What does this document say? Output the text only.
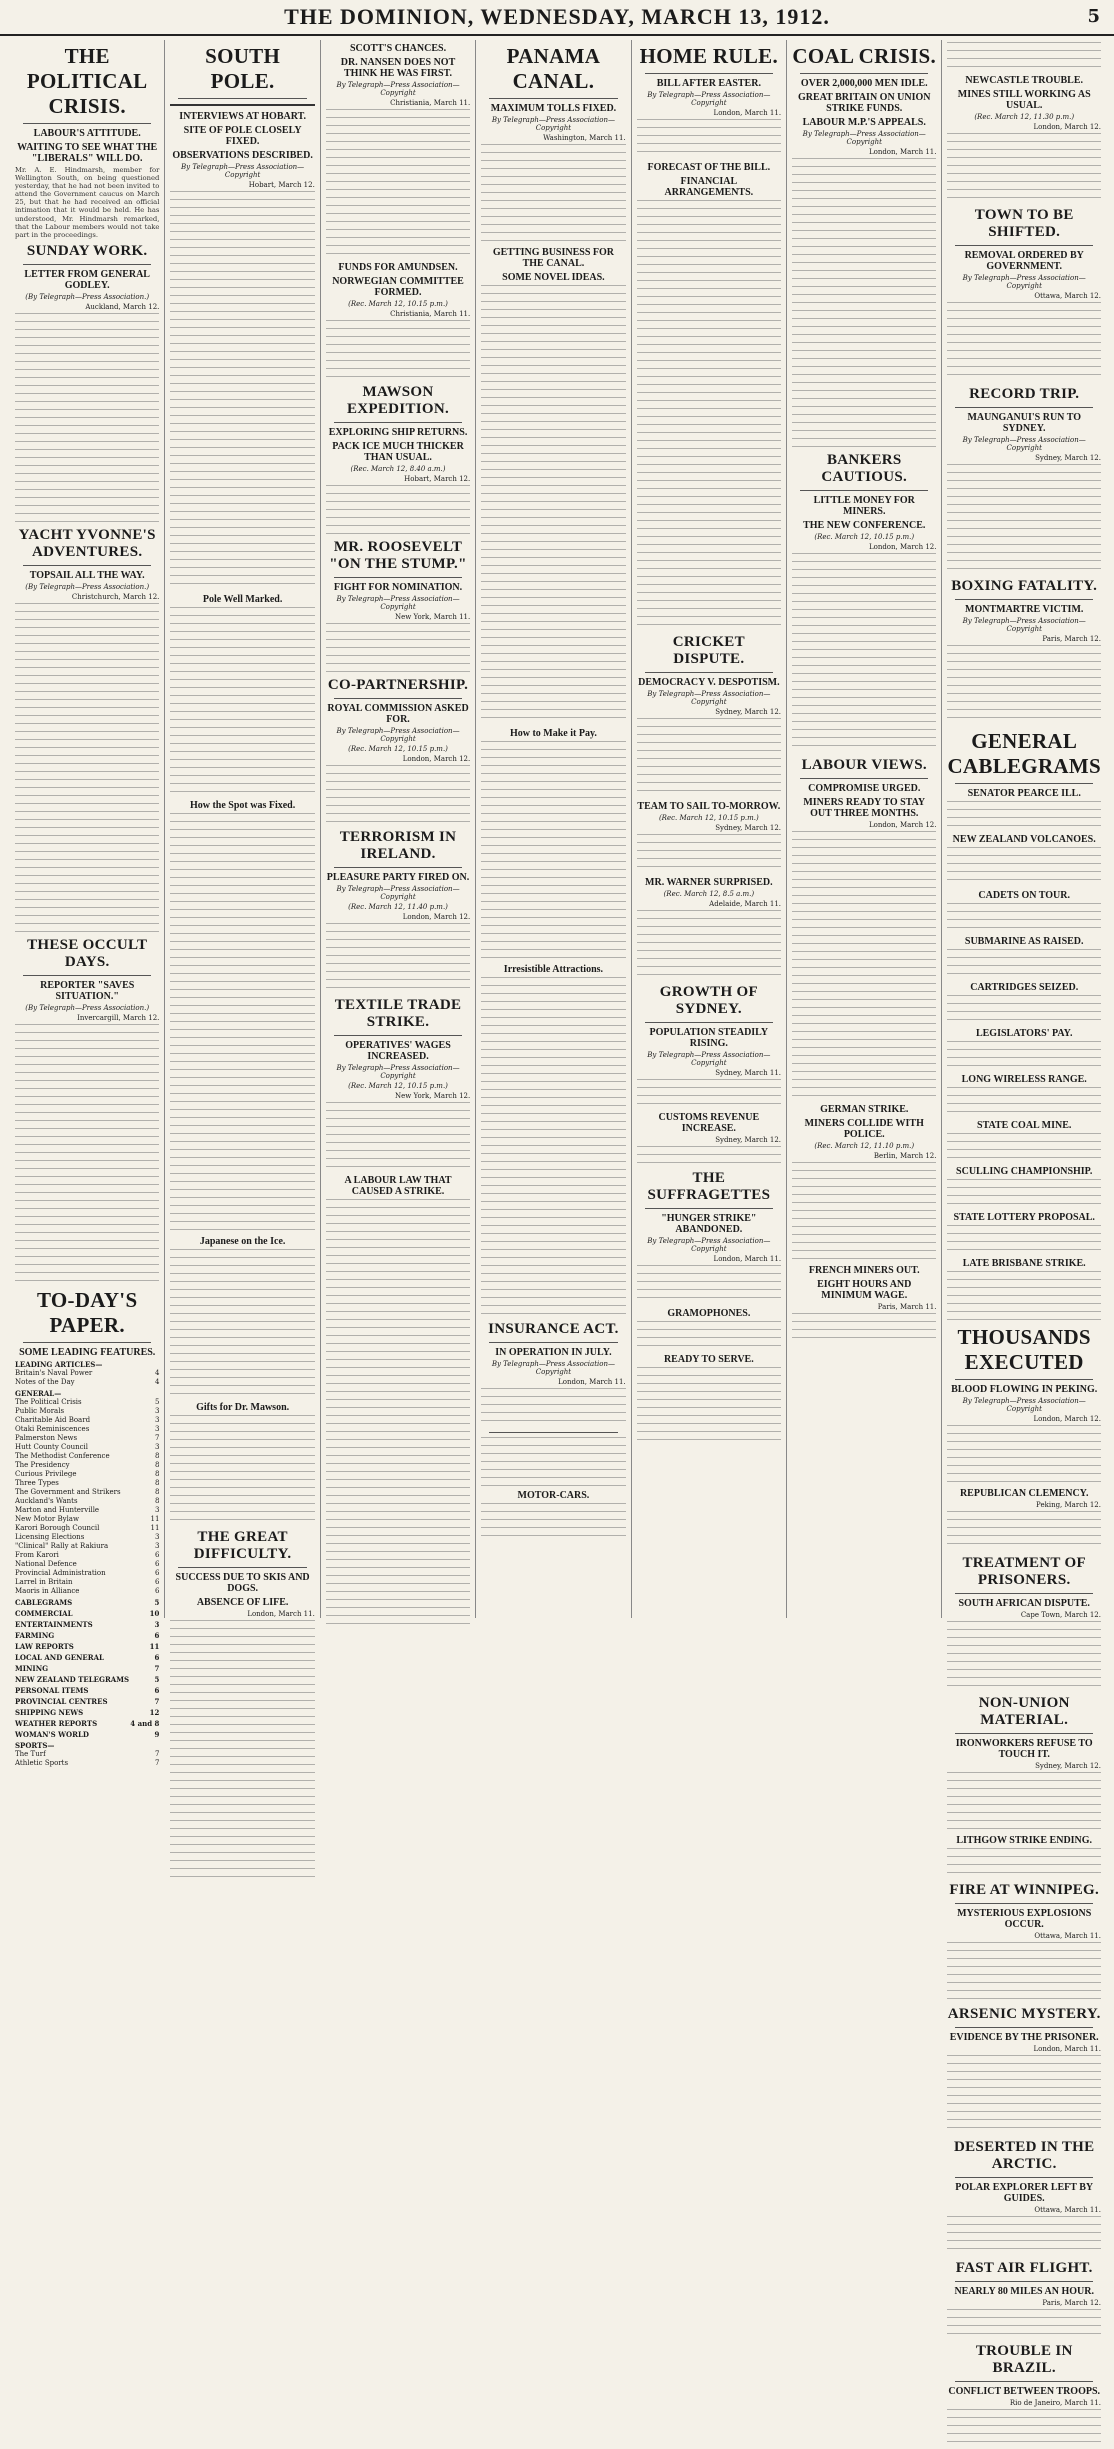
THE DOMINION, WEDNESDAY, MARCH 13, 1912.	5
THE POLITICAL CRISIS.
LABOUR'S ATTITUDE.
WAITING TO SEE WHAT THE "LIBERALS" WILL DO.

Mr. A. E. Hindmarsh, member for Wellington South, on being questioned yesterday, that he had not been invited to attend the Government caucus on March 25, but that he had received an official intimation that it would be held. He has understood, Mr. Hindmarsh remarked, that the Labour members would not take part in the proceedings.

SUNDAY WORK.
LETTER FROM GENERAL GODLEY.
(By Telegraph—Press Association.)
Auckland, March 12.
YACHT YVONNE'S ADVENTURES.
TOPSAIL ALL THE WAY.
(By Telegraph—Press Association.)
Christchurch, March 12.
THESE OCCULT DAYS.
REPORTER "SAVES SITUATION."
(By Telegraph—Press Association.)
Invercargill, March 12.
TO-DAY'S PAPER.
SOME LEADING FEATURES.
LEADING ARTICLES—
Britain's Naval Power	4
Notes of the Day	4
GENERAL—
The Political Crisis	5
Public Morals	3
Charitable Aid Board	3
Otaki Reminiscences	3
Palmerston News	7
Hutt County Council	3
The Methodist Conference	8
The Presidency	8
Curious Privilege	8
Three Types	8
The Government and Strikers	8
Auckland's Wants	8
Marton and Hunterville	3
New Motor Bylaw	11
Karori Borough Council	11
Licensing Elections	3
"Clinical" Rally at Rakiura	3
From Karori	6
National Defence	6
Provincial Administration	6
Larrel in Britain	6
Maoris in Alliance	6
CABLEGRAMS	5
COMMERCIAL	10
ENTERTAINMENTS	3
FARMING	6
LAW REPORTS	11
LOCAL AND GENERAL	6
MINING	7
NEW ZEALAND TELEGRAMS	5
PERSONAL ITEMS	6
PROVINCIAL CENTRES	7
SHIPPING NEWS	12
WEATHER REPORTS	4 and 8
WOMAN'S WORLD	9
SPORTS—
The Turf	7
Athletic Sports	7
SOUTH POLE.
INTERVIEWS AT HOBART.
SITE OF POLE CLOSELY FIXED.
OBSERVATIONS DESCRIBED.
By Telegraph—Press Association—Copyright
Hobart, March 12.
Pole Well Marked.
How the Spot was Fixed.
Japanese on the Ice.
Gifts for Dr. Mawson.
THE GREAT DIFFICULTY.
SUCCESS DUE TO SKIS AND DOGS.
ABSENCE OF LIFE.
London, March 11.
SCOTT'S CHANCES.
DR. NANSEN DOES NOT THINK HE WAS FIRST.
By Telegraph—Press Association—Copyright
Christiania, March 11.
FUNDS FOR AMUNDSEN.
NORWEGIAN COMMITTEE FORMED.
(Rec. March 12, 10.15 p.m.)
Christiania, March 11.
MAWSON EXPEDITION.
EXPLORING SHIP RETURNS.
PACK ICE MUCH THICKER THAN USUAL.
(Rec. March 12, 8.40 a.m.)
Hobart, March 12.
MR. ROOSEVELT "ON THE STUMP."
FIGHT FOR NOMINATION.
By Telegraph—Press Association—Copyright
New York, March 11.
CO-PARTNERSHIP.
ROYAL COMMISSION ASKED FOR.
By Telegraph—Press Association—Copyright
(Rec. March 12, 10.15 p.m.)
London, March 12.
TERRORISM IN IRELAND.
PLEASURE PARTY FIRED ON.
By Telegraph—Press Association—Copyright
(Rec. March 12, 11.40 p.m.)
London, March 12.
TEXTILE TRADE STRIKE.
OPERATIVES' WAGES INCREASED.
By Telegraph—Press Association—Copyright
(Rec. March 12, 10.15 p.m.)
New York, March 12.
A LABOUR LAW THAT CAUSED A STRIKE.
PANAMA CANAL.
MAXIMUM TOLLS FIXED.
By Telegraph—Press Association—Copyright
Washington, March 11.
GETTING BUSINESS FOR THE CANAL.
SOME NOVEL IDEAS.
How to Make it Pay.
Irresistible Attractions.
INSURANCE ACT.
IN OPERATION IN JULY.
By Telegraph—Press Association—Copyright
London, March 11.
MOTOR-CARS.
HOME RULE.
BILL AFTER EASTER.
By Telegraph—Press Association—Copyright
London, March 11.
FORECAST OF THE BILL.
FINANCIAL ARRANGEMENTS.
CRICKET DISPUTE.
DEMOCRACY V. DESPOTISM.
By Telegraph—Press Association—Copyright
Sydney, March 12.
TEAM TO SAIL TO-MORROW.
(Rec. March 12, 10.15 p.m.)
Sydney, March 12.
MR. WARNER SURPRISED.
(Rec. March 12, 8.5 a.m.)
Adelaide, March 11.
GROWTH OF SYDNEY.
POPULATION STEADILY RISING.
By Telegraph—Press Association—Copyright
Sydney, March 11.
CUSTOMS REVENUE INCREASE.
Sydney, March 12.
THE SUFFRAGETTES
"HUNGER STRIKE" ABANDONED.
By Telegraph—Press Association—Copyright
London, March 11.
GRAMOPHONES.
READY TO SERVE.
COAL CRISIS.
OVER 2,000,000 MEN IDLE.
GREAT BRITAIN ON UNION STRIKE FUNDS.
LABOUR M.P.'S APPEALS.
By Telegraph—Press Association—Copyright
London, March 11.
BANKERS CAUTIOUS.
LITTLE MONEY FOR MINERS.
THE NEW CONFERENCE.
(Rec. March 12, 10.15 p.m.)
London, March 12.
LABOUR VIEWS.
COMPROMISE URGED.
MINERS READY TO STAY OUT THREE MONTHS.
London, March 12.
GERMAN STRIKE.
MINERS COLLIDE WITH POLICE.
(Rec. March 12, 11.10 p.m.)
Berlin, March 12.
FRENCH MINERS OUT.
EIGHT HOURS AND MINIMUM WAGE.
Paris, March 11.
NEWCASTLE TROUBLE.
MINES STILL WORKING AS USUAL.
(Rec. March 12, 11.30 p.m.)
London, March 12.
TOWN TO BE SHIFTED.
REMOVAL ORDERED BY GOVERNMENT.
By Telegraph—Press Association—Copyright
Ottawa, March 12.
RECORD TRIP.
MAUNGANUI'S RUN TO SYDNEY.
By Telegraph—Press Association—Copyright
Sydney, March 12.
BOXING FATALITY.
MONTMARTRE VICTIM.
By Telegraph—Press Association—Copyright
Paris, March 12.
GENERAL CABLEGRAMS
SENATOR PEARCE ILL.
NEW ZEALAND VOLCANOES.
CADETS ON TOUR.
SUBMARINE AS RAISED.
CARTRIDGES SEIZED.
LEGISLATORS' PAY.
LONG WIRELESS RANGE.
STATE COAL MINE.
SCULLING CHAMPIONSHIP.
STATE LOTTERY PROPOSAL.
LATE BRISBANE STRIKE.
THOUSANDS EXECUTED
BLOOD FLOWING IN PEKING.
By Telegraph—Press Association—Copyright
London, March 12.
REPUBLICAN CLEMENCY.
Peking, March 12.
TREATMENT OF PRISONERS.
SOUTH AFRICAN DISPUTE.
Cape Town, March 12.
NON-UNION MATERIAL.
IRONWORKERS REFUSE TO TOUCH IT.
Sydney, March 12.
LITHGOW STRIKE ENDING.
FIRE AT WINNIPEG.
MYSTERIOUS EXPLOSIONS OCCUR.
Ottawa, March 11.
ARSENIC MYSTERY.
EVIDENCE BY THE PRISONER.
London, March 11.
DESERTED IN THE ARCTIC.
POLAR EXPLORER LEFT BY GUIDES.
Ottawa, March 11.
FAST AIR FLIGHT.
NEARLY 80 MILES AN HOUR.
Paris, March 12.
TROUBLE IN BRAZIL.
CONFLICT BETWEEN TROOPS.
Rio de Janeiro, March 11.
